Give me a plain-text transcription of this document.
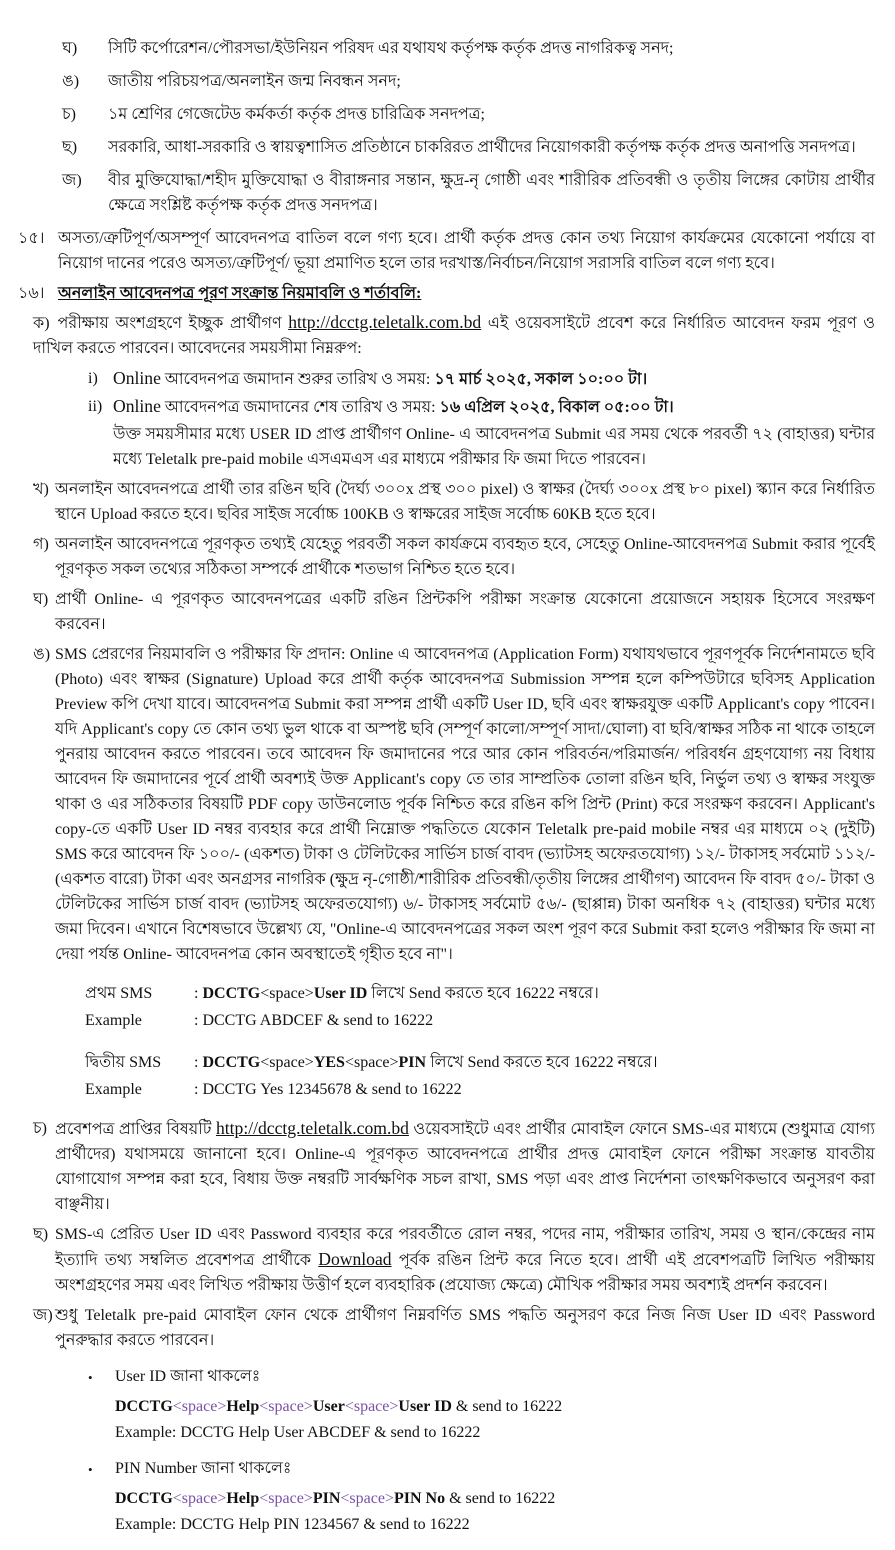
ঘ) সিটি কর্পোরেশন/পৌরসভা/ইউনিয়ন পরিষদ এর যথাযথ কর্তৃপক্ষ কর্তৃক প্রদত্ত নাগরিকত্ব সনদ;
ঙ) জাতীয় পরিচয়পত্র/অনলাইন জন্ম নিবন্ধন সনদ;
চ) ১ম শ্রেণির গেজেটেড কর্মকর্তা কর্তৃক প্রদত্ত চারিত্রিক সনদপত্র;
ছ) সরকারি, আধা-সরকারি ও স্বায়ত্বশাসিত প্রতিষ্ঠানে চাকরিরত প্রার্থীদের নিয়োগকারী কর্তৃপক্ষ কর্তৃক প্রদত্ত অনাপত্তি সনদপত্র।
জ) বীর মুক্তিযোদ্ধা/শহীদ মুক্তিযোদ্ধা ও বীরাঙ্গনার সন্তান, ক্ষুদ্র-নৃ গোষ্ঠী এবং শারীরিক প্রতিবন্ধী ও তৃতীয় লিঙ্গের কোটায় প্রার্থীর ক্ষেত্রে সংশ্লিষ্ট কর্তৃপক্ষ কর্তৃক প্রদত্ত সনদপত্র।
১৫। অসত্য/ত্রুটিপূর্ণ/অসম্পূর্ণ আবেদনপত্র বাতিল বলে গণ্য হবে। প্রার্থী কর্তৃক প্রদত্ত কোন তথ্য নিয়োগ কার্যক্রমের যেকোনো পর্যায়ে বা নিয়োগ দানের পরেও অসত্য/ত্রুটিপূর্ণ/ ভূয়া প্রমাণিত হলে তার দরখাস্ত/নির্বাচন/নিয়োগ সরাসরি বাতিল বলে গণ্য হবে।
১৬। অনলাইন আবেদনপত্র পূরণ সংক্রান্ত নিয়মাবলি ও শর্তাবলি:
ক) পরীক্ষায় অংশগ্রহণে ইচ্ছুক প্রার্থীগণ http://dcctg.teletalk.com.bd এই ওয়েবসাইটে প্রবেশ করে নির্ধারিত আবেদন ফরম পূরণ ও দাখিল করতে পারবেন। আবেদনের সময়সীমা নিম্নরুপ:
i) Online আবেদনপত্র জমাদান শুরুর তারিখ ও সময়: ১৭ মার্চ ২০২৫, সকাল ১০:০০ টা।
ii) Online আবেদনপত্র জমাদানের শেষ তারিখ ও সময়: ১৬ এপ্রিল ২০২৫, বিকাল ০৫:০০ টা।
উক্ত সময়সীমার মধ্যে USER ID প্রাপ্ত প্রার্থীগণ Online- এ আবেদনপত্র Submit এর সময় থেকে পরবর্তী ৭২ (বাহাত্তর) ঘন্টার মধ্যে Teletalk pre-paid mobile এসএমএস এর মাধ্যমে পরীক্ষার ফি জমা দিতে পারবেন।
খ) অনলাইন আবেদনপত্রে প্রার্থী তার রঙিন ছবি (দৈর্ঘ্য ৩০০x প্রস্থ ৩০০ pixel) ও স্বাক্ষর (দৈর্ঘ্য ৩০০x প্রস্থ ৮০ pixel) স্ক্যান করে নির্ধারিত স্থানে Upload করতে হবে। ছবির সাইজ সর্বোচ্চ 100KB ও স্বাক্ষরের সাইজ সর্বোচ্চ 60KB হতে হবে।
গ) অনলাইন আবেদনপত্রে পূরণকৃত তথ্যই যেহেতু পরবর্তী সকল কার্যক্রমে ব্যবহৃত হবে, সেহেতু Online-আবেদনপত্র Submit করার পূর্বেই পূরণকৃত সকল তথ্যের সঠিকতা সম্পর্কে প্রার্থীকে শতভাগ নিশ্চিত হতে হবে।
ঘ) প্রার্থী Online- এ পূরণকৃত আবেদনপত্রের একটি রঙিন প্রিন্টকপি পরীক্ষা সংক্রান্ত যেকোনো প্রয়োজনে সহায়ক হিসেবে সংরক্ষণ করবেন।
ঙ) SMS প্রেরণের নিয়মাবলি ও পরীক্ষার ফি প্রদান: Online এ আবেদনপত্র (Application Form) যথাযথভাবে পূরণপূর্বক নির্দেশনামতে ছবি (Photo) এবং স্বাক্ষর (Signature) Upload করে প্রার্থী কর্তৃক আবেদনপত্র Submission সম্পন্ন হলে কম্পিউটারে ছবিসহ Application Preview কপি দেখা যাবে। আবেদনপত্র Submit করা সম্পন্ন প্রার্থী একটি User ID, ছবি এবং স্বাক্ষরযুক্ত একটি Applicant's copy পাবেন। যদি Applicant's copy তে কোন তথ্য ভুল থাকে বা অস্পষ্ট ছবি (সম্পূর্ণ কালো/সম্পূর্ণ সাদা/ঘোলা) বা ছবি/স্বাক্ষর সঠিক না থাকে তাহলে পুনরায় আবেদন করতে পারবেন। তবে আবেদন ফি জমাদানের পরে আর কোন পরিবর্তন/পরিমার্জন/ পরিবর্ধন গ্রহণযোগ্য নয় বিধায় আবেদন ফি জমাদানের পূর্বে প্রার্থী অবশ্যই উক্ত Applicant's copy তে তার সাম্প্রতিক তোলা রঙিন ছবি, নির্ভুল তথ্য ও স্বাক্ষর সংযুক্ত থাকা ও এর সঠিকতার বিষয়টি PDF copy ডাউনলোড পূর্বক নিশ্চিত করে রঙিন কপি প্রিন্ট (Print) করে সংরক্ষণ করবেন। Applicant's copy-তে একটি User ID নম্বর ব্যবহার করে প্রার্থী নিম্নোক্ত পদ্ধতিতে যেকোন Teletalk pre-paid mobile নম্বর এর মাধ্যমে ০২ (দুইটি) SMS করে আবেদন ফি ১০০/- (একশত) টাকা ও টেলিটকের সার্ভিস চার্জ বাবদ (ভ্যাটসহ অফেরতযোগ্য) ১২/- টাকাসহ সর্বমোট ১১২/- (একশত বারো) টাকা এবং অনগ্রসর নাগরিক (ক্ষুদ্র নৃ-গোষ্ঠী/শারীরিক প্রতিবন্ধী/তৃতীয় লিঙ্গের প্রার্থীগণ) আবেদন ফি বাবদ ৫০/- টাকা ও টেলিটকের সার্ভিস চার্জ বাবদ (ভ্যাটসহ অফেরতযোগ্য) ৬/- টাকাসহ সর্বমোট ৫৬/- (ছাপ্পান্ন) টাকা অনধিক ৭২ (বাহাত্তর) ঘন্টার মধ্যে জমা দিবেন। এখানে বিশেষভাবে উল্লেখ্য যে, "Online-এ আবেদনপত্রের সকল অংশ পূরণ করে Submit করা হলেও পরীক্ষার ফি জমা না দেয়া পর্যন্ত Online- আবেদনপত্র কোন অবস্থাতেই গৃহীত হবে না"।
প্রথম SMS	: DCCTG<space>User ID লিখে Send করতে হবে 16222 নম্বরে।
Example	: DCCTG ABDCEF & send to 16222
দ্বিতীয় SMS : DCCTG<space>YES<space>PIN লিখে Send করতে হবে 16222 নম্বরে।
Example	: DCCTG Yes 12345678 & send to 16222
চ) প্রবেশপত্র প্রাপ্তির বিষয়টি http://dcctg.teletalk.com.bd ওয়েবসাইটে এবং প্রার্থীর মোবাইল ফোনে SMS-এর মাধ্যমে (শুধুমাত্র যোগ্য প্রার্থীদের) যথাসময়ে জানানো হবে। Online-এ পূরণকৃত আবেদনপত্রে প্রার্থীর প্রদত্ত মোবাইল ফোনে পরীক্ষা সংক্রান্ত যাবতীয় যোগাযোগ সম্পন্ন করা হবে, বিধায় উক্ত নম্বরটি সার্বক্ষণিক সচল রাখা, SMS পড়া এবং প্রাপ্ত নির্দেশনা তাৎক্ষণিকভাবে অনুসরণ করা বাঞ্ছনীয়।
ছ) SMS-এ প্রেরিত User ID এবং Password ব্যবহার করে পরবর্তীতে রোল নম্বর, পদের নাম, পরীক্ষার তারিখ, সময় ও স্থান/কেন্দ্রের নাম ইত্যাদি তথ্য সম্বলিত প্রবেশপত্র প্রার্থীকে Download পূর্বক রঙিন প্রিন্ট করে নিতে হবে। প্রার্থী এই প্রবেশপত্রটি লিখিত পরীক্ষায় অংশগ্রহণের সময় এবং লিখিত পরীক্ষায় উত্তীর্ণ হলে ব্যবহারিক (প্রযোজ্য ক্ষেত্রে) মৌখিক পরীক্ষার সময় অবশ্যই প্রদর্শন করবেন।
জ) শুধু Teletalk pre-paid মোবাইল ফোন থেকে প্রার্থীগণ নিম্নবর্ণিত SMS পদ্ধতি অনুসরণ করে নিজ নিজ User ID এবং Password পুনরুদ্ধার করতে পারবেন।
• User ID জানা থাকলেঃ
DCCTG<space>Help<space>User<space>User ID & send to 16222
Example: DCCTG Help User ABCDEF & send to 16222
• PIN Number জানা থাকলেঃ
DCCTG<space>Help<space>PIN<space>PIN No & send to 16222
Example: DCCTG Help PIN 1234567 & send to 16222
